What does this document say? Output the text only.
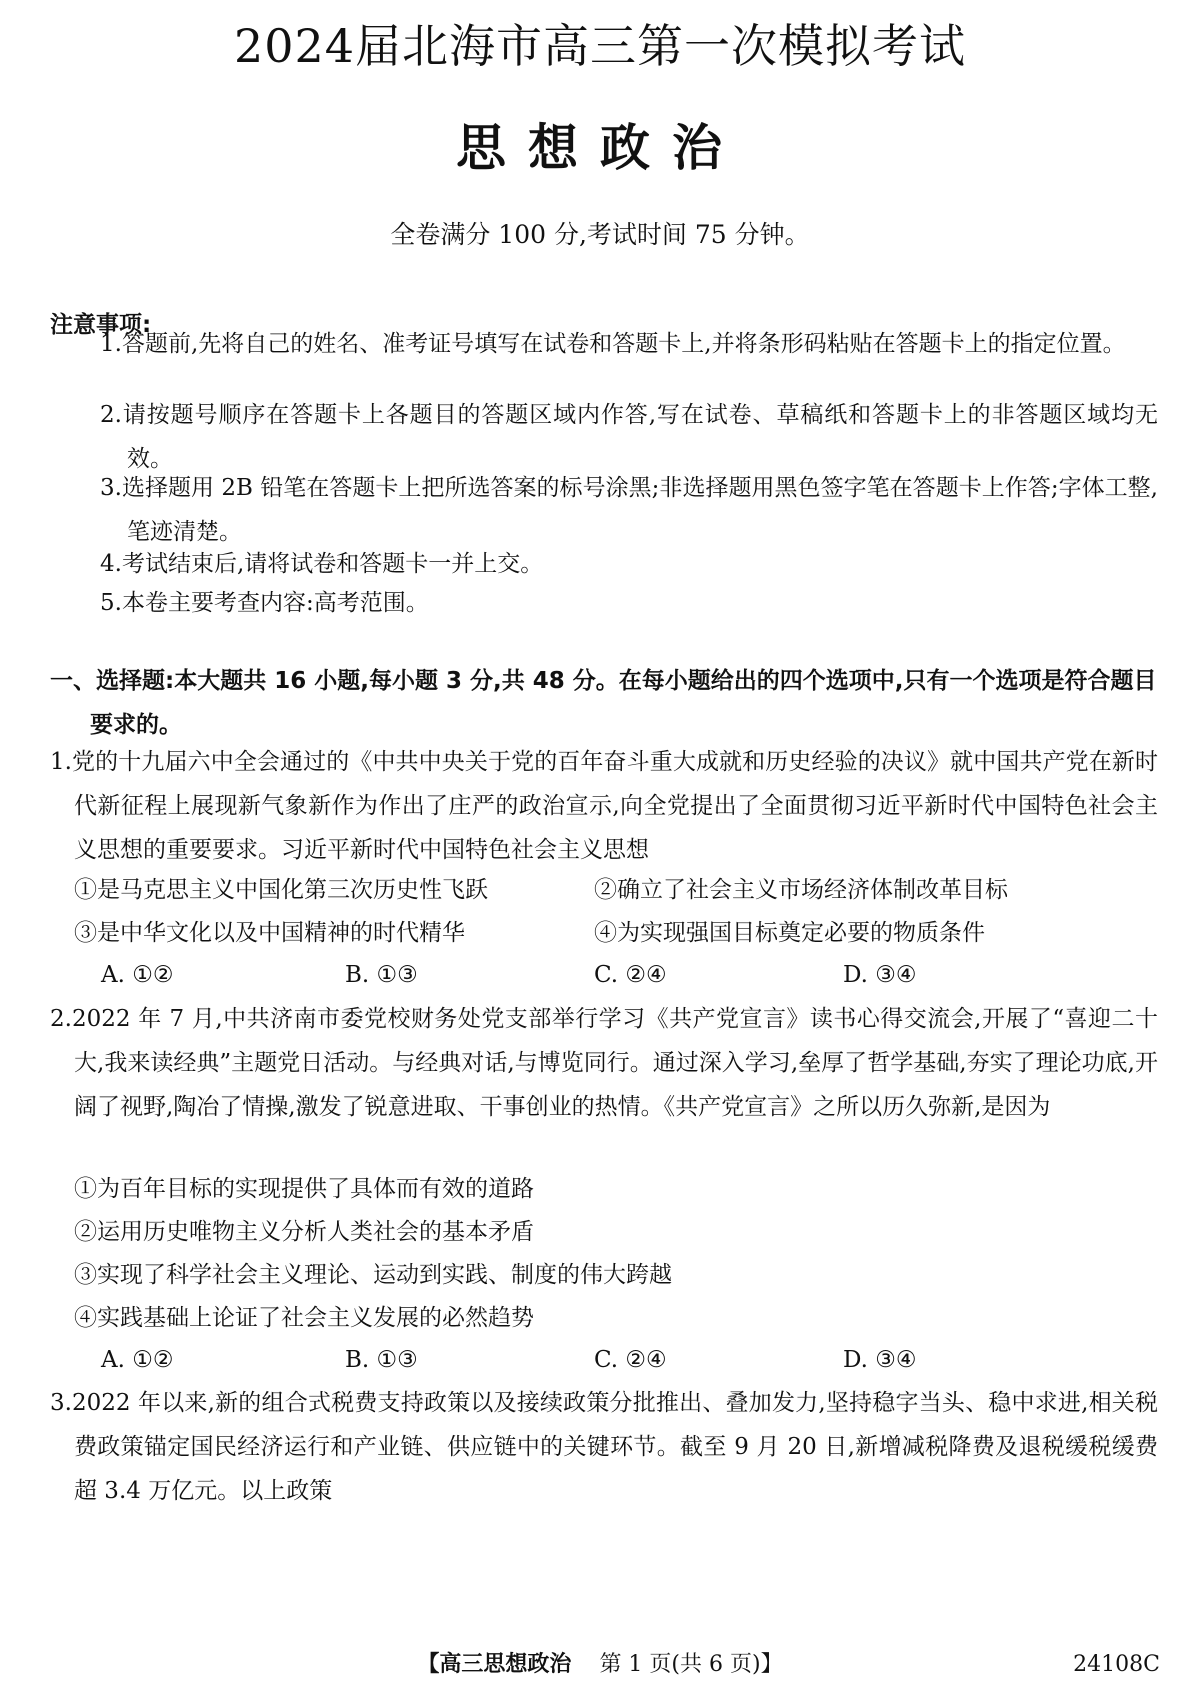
2024届北海市高三第一次模拟考试
思想政治
全卷满分 100 分,考试时间 75 分钟。
注意事项:
1.答题前,先将自己的姓名、准考证号填写在试卷和答题卡上,并将条形码粘贴在答题卡上的指定位置。
2.请按题号顺序在答题卡上各题目的答题区域内作答,写在试卷、草稿纸和答题卡上的非答题区域均无效。
3.选择题用 2B 铅笔在答题卡上把所选答案的标号涂黑;非选择题用黑色签字笔在答题卡上作答;字体工整,笔迹清楚。
4.考试结束后,请将试卷和答题卡一并上交。
5.本卷主要考查内容:高考范围。
一、选择题:本大题共 16 小题,每小题 3 分,共 48 分。在每小题给出的四个选项中,只有一个选项是符合题目要求的。
1.党的十九届六中全会通过的《中共中央关于党的百年奋斗重大成就和历史经验的决议》就中国共产党在新时代新征程上展现新气象新作为作出了庄严的政治宣示,向全党提出了全面贯彻习近平新时代中国特色社会主义思想的重要要求。习近平新时代中国特色社会主义思想
①是马克思主义中国化第三次历史性飞跃	②确立了社会主义市场经济体制改革目标
③是中华文化以及中国精神的时代精华	④为实现强国目标奠定必要的物质条件
A. ①②	B. ①③	C. ②④	D. ③④
2.2022 年 7 月,中共济南市委党校财务处党支部举行学习《共产党宣言》读书心得交流会,开展了“喜迎二十大,我来读经典”主题党日活动。与经典对话,与博览同行。通过深入学习,垒厚了哲学基础,夯实了理论功底,开阔了视野,陶冶了情操,激发了锐意进取、干事创业的热情。《共产党宣言》之所以历久弥新,是因为
①为百年目标的实现提供了具体而有效的道路
②运用历史唯物主义分析人类社会的基本矛盾
③实现了科学社会主义理论、运动到实践、制度的伟大跨越
④实践基础上论证了社会主义发展的必然趋势
A. ①②	B. ①③	C. ②④	D. ③④
3.2022 年以来,新的组合式税费支持政策以及接续政策分批推出、叠加发力,坚持稳字当头、稳中求进,相关税费政策锚定国民经济运行和产业链、供应链中的关键环节。截至 9 月 20 日,新增减税降费及退税缓税缓费超 3.4 万亿元。以上政策
【高三思想政治 第 1 页(共 6 页)】	24108C
